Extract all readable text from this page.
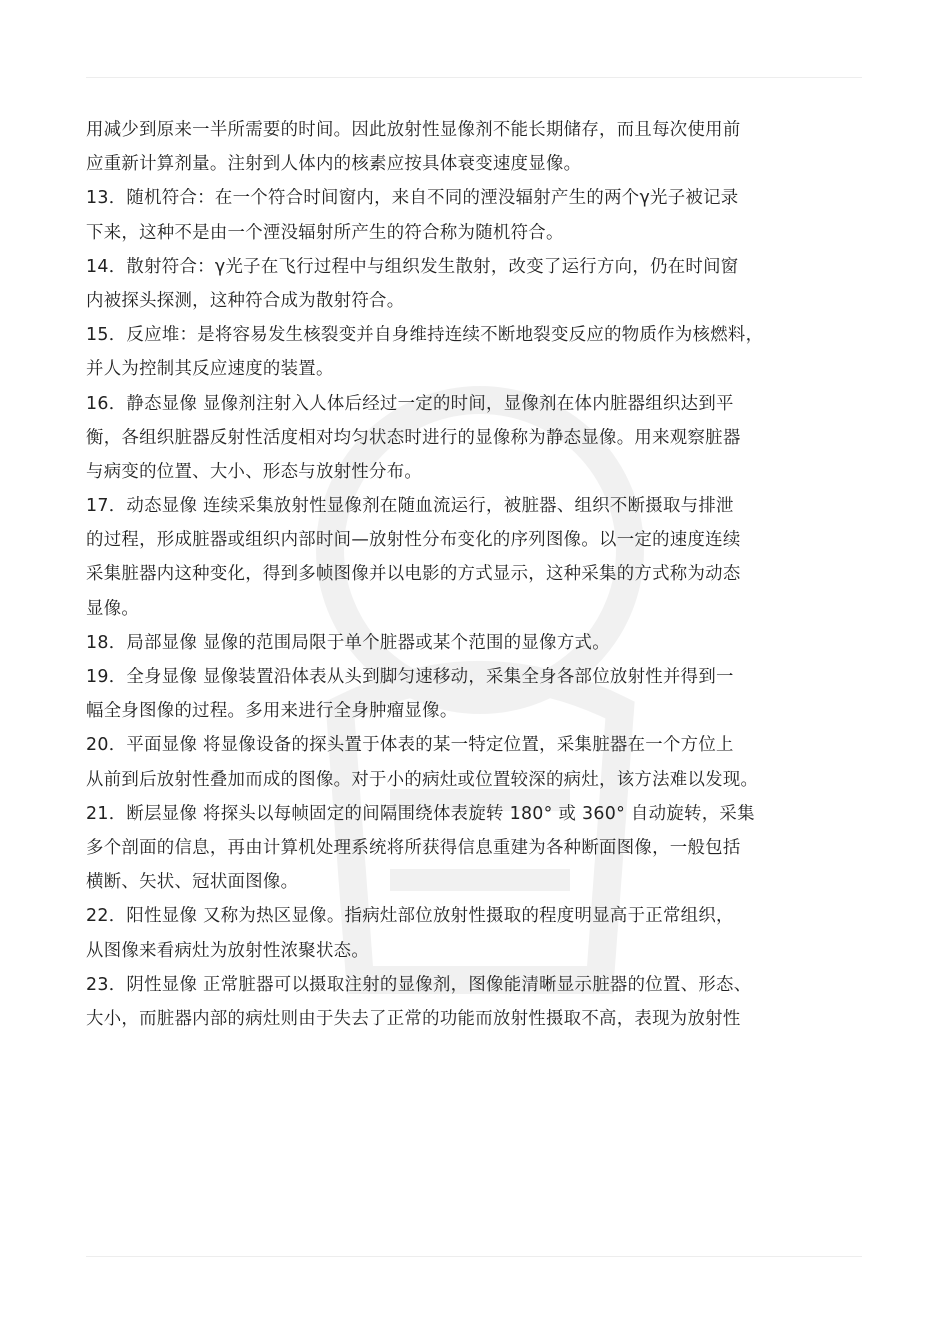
用减少到原来一半所需要的时间。因此放射性显像剂不能长期储存，而且每次使用前
应重新计算剂量。注射到人体内的核素应按具体衰变速度显像。
13．随机符合：在一个符合时间窗内，来自不同的湮没辐射产生的两个γ光子被记录
下来，这种不是由一个湮没辐射所产生的符合称为随机符合。
14．散射符合：γ光子在飞行过程中与组织发生散射，改变了运行方向，仍在时间窗
内被探头探测，这种符合成为散射符合。
15．反应堆：是将容易发生核裂变并自身维持连续不断地裂变反应的物质作为核燃料，
并人为控制其反应速度的装置。
16．静态显像 显像剂注射入人体后经过一定的时间，显像剂在体内脏器组织达到平
衡，各组织脏器反射性活度相对均匀状态时进行的显像称为静态显像。用来观察脏器
与病变的位置、大小、形态与放射性分布。
17．动态显像 连续采集放射性显像剂在随血流运行，被脏器、组织不断摄取与排泄
的过程，形成脏器或组织内部时间—放射性分布变化的序列图像。以一定的速度连续
采集脏器内这种变化，得到多帧图像并以电影的方式显示，这种采集的方式称为动态
显像。
18．局部显像 显像的范围局限于单个脏器或某个范围的显像方式。
19．全身显像 显像装置沿体表从头到脚匀速移动，采集全身各部位放射性并得到一
幅全身图像的过程。多用来进行全身肿瘤显像。
20．平面显像 将显像设备的探头置于体表的某一特定位置，采集脏器在一个方位上
从前到后放射性叠加而成的图像。对于小的病灶或位置较深的病灶，该方法难以发现。
21．断层显像 将探头以每帧固定的间隔围绕体表旋转 180° 或 360° 自动旋转，采集
多个剖面的信息，再由计算机处理系统将所获得信息重建为各种断面图像，一般包括
横断、矢状、冠状面图像。
22．阳性显像 又称为热区显像。指病灶部位放射性摄取的程度明显高于正常组织，
从图像来看病灶为放射性浓聚状态。
23．阴性显像 正常脏器可以摄取注射的显像剂，图像能清晰显示脏器的位置、形态、
大小，而脏器内部的病灶则由于失去了正常的功能而放射性摄取不高，表现为放射性
